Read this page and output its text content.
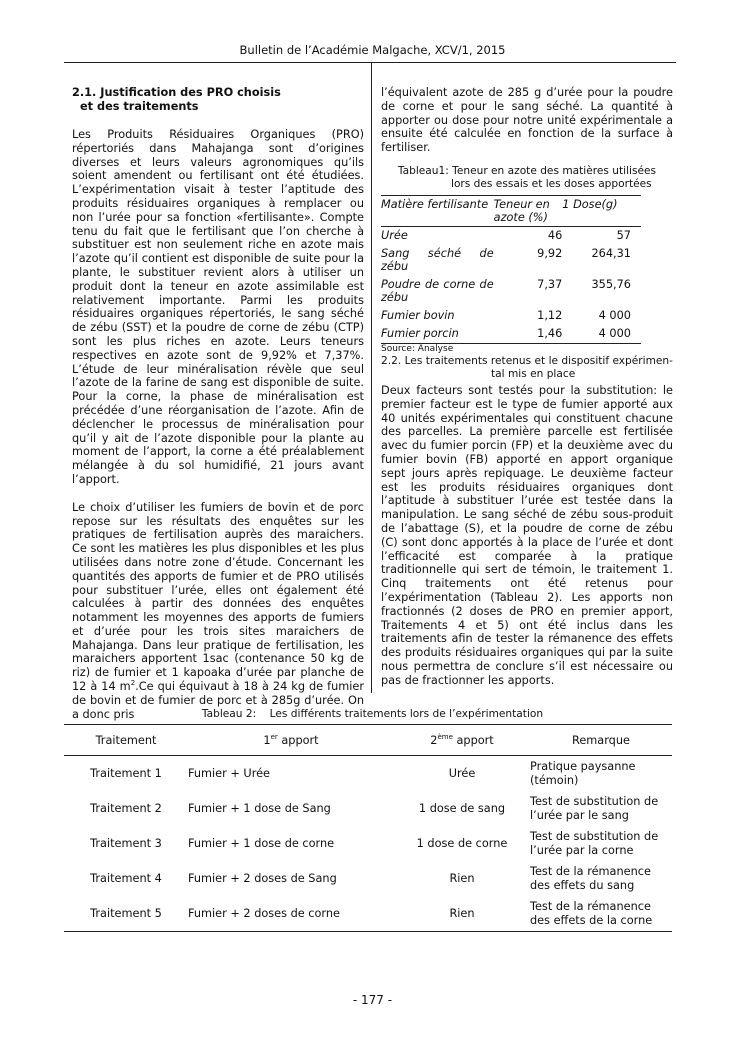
Bulletin de l’Académie Malgache, XCV/1, 2015
2.1. Justification des PRO choisis
et des traitements

Les Produits Résiduaires Organiques (PRO) répertoriés dans Mahajanga sont d’origines diverses et leurs valeurs agronomiques qu’ils soient amendent ou fertilisant ont été étudiées. L’expérimentation visait à tester l’aptitude des produits résiduaires organiques à remplacer ou non l’urée pour sa fonction «fertilisante». Compte tenu du fait que le fertilisant que l’on cherche à substituer est non seulement riche en azote mais l’azote qu’il contient est disponible de suite pour la plante, le substituer revient alors à utiliser un produit dont la teneur en azote assimilable est relativement importante. Parmi les produits résiduaires organiques répertoriés, le sang séché de zébu (SST) et la poudre de corne de zébu (CTP) sont les plus riches en azote. Leurs teneurs respectives en azote sont de 9,92% et 7,37%. L’étude de leur minéralisation révèle que seul l’azote de la farine de sang est disponible de suite. Pour la corne, la phase de minéralisation est précédée d’une réorganisation de l’azote. Afin de déclencher le processus de minéralisation pour qu’il y ait de l’azote disponible pour la plante au moment de l’apport, la corne a été préalablement mélangée à du sol humidifié, 21 jours avant l’apport.

Le choix d’utiliser les fumiers de bovin et de porc repose sur les résultats des enquêtes sur les pratiques de fertilisation auprès des maraichers. Ce sont les matières les plus disponibles et les plus utilisées dans notre zone d’étude. Concernant les quantités des apports de fumier et de PRO utilisés pour substituer l’urée, elles ont également été calculées à partir des données des enquêtes notamment les moyennes des apports de fumiers et d’urée pour les trois sites maraichers de Mahajanga. Dans leur pratique de fertilisation, les maraichers apportent 1sac (contenance 50 kg de riz) de fumier et 1 kapoaka d’urée par planche de 12 à 14 $m^2.Ce$ qui équivaut à 18 à 24 kg de fumier de bovin et de fumier de porc et à 285g d’urée. On a donc pris

l’équivalent azote de 285 g d’urée pour la poudre de corne et pour le sang séché. La quantité à apporter ou dose pour notre unité expérimentale a ensuite été calculée en fonction de la surface à fertiliser.

Tableau1: Teneur en azote des matières utilisées
lors des essais et les doses apportées
Matière fertilisante	Teneur en azote (%)	1 Dose(g)
Urée	46	57
Sang séché de zébu	9,92	264,31
Poudre de corne de zébu	7,37	355,76
Fumier bovin	1,12	4 000
Fumier porcin	1,46	4 000
Source: Analyse
2.2. Les traitements retenus et le dispositif expérimen-
tal mis en place

Deux facteurs sont testés pour la substitution: le premier facteur est le type de fumier apporté aux 40 unités expérimentales qui constituent chacune des parcelles. La première parcelle est fertilisée avec du fumier porcin (FP) et la deuxième avec du fumier bovin (FB) apporté en apport organique sept jours après repiquage. Le deuxième facteur est les produits résiduaires organiques dont l’aptitude à substituer l’urée est testée dans la manipulation. Le sang séché de zébu sous-produit de l’abattage (S), et la poudre de corne de zébu (C) sont donc apportés à la place de l’urée et dont l’efficacité est comparée à la pratique traditionnelle qui sert de témoin, le traitement 1. Cinq traitements ont été retenus pour l’expérimentation (Tableau 2). Les apports non fractionnés (2 doses de PRO en premier apport, Traitements 4 et 5) ont été inclus dans les traitements afin de tester la rémanence des effets des produits résiduaires organiques qui par la suite nous permettra de conclure s’il est nécessaire ou pas de fractionner les apports.

Tableau 2:    Les différents traitements lors de l’expérimentation
Traitement	1er apport	2ème apport	Remarque
Traitement 1	Fumier + Urée	Urée	Pratique paysanne (témoin)
Traitement 2	Fumier + 1 dose de Sang	1 dose de sang	Test de substitution de l’urée par le sang
Traitement 3	Fumier + 1 dose de corne	1 dose de corne	Test de substitution de l’urée par la corne
Traitement 4	Fumier + 2 doses de Sang	Rien	Test de la rémanence des effets du sang
Traitement 5	Fumier + 2 doses de corne	Rien	Test de la rémanence des effets de la corne
- 177 -
